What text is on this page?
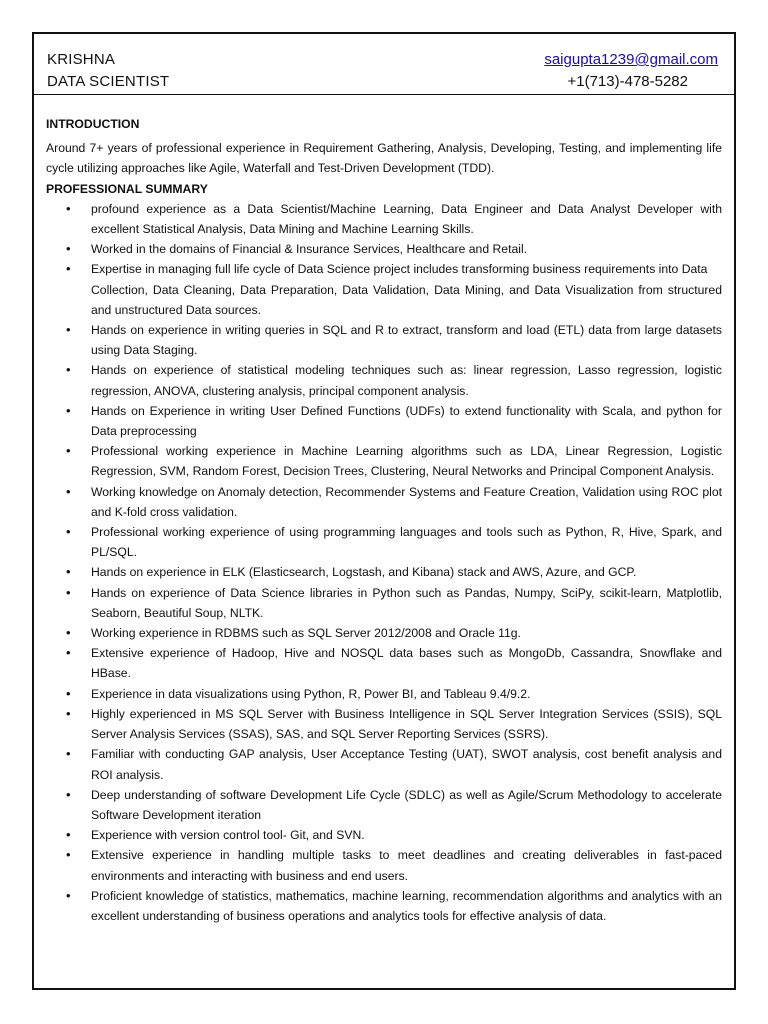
KRISHNA
DATA SCIENTIST
saigupta1239@gmail.com
+1(713)-478-5282
INTRODUCTION

Around 7+ years of professional experience in Requirement Gathering, Analysis, Developing, Testing, and implementing life cycle utilizing approaches like Agile, Waterfall and Test-Driven Development (TDD).

PROFESSIONAL SUMMARY
• profound experience as a Data Scientist/Machine Learning, Data Engineer and Data Analyst Developer with excellent Statistical Analysis, Data Mining and Machine Learning Skills.
• Worked in the domains of Financial & Insurance Services, Healthcare and Retail.
• Expertise in managing full life cycle of Data Science project includes transforming business requirements into Data
Collection, Data Cleaning, Data Preparation, Data Validation, Data Mining, and Data Visualization from structured and unstructured Data sources.
• Hands on experience in writing queries in SQL and R to extract, transform and load (ETL) data from large datasets using Data Staging.
• Hands on experience of statistical modeling techniques such as: linear regression, Lasso regression, logistic regression, ANOVA, clustering analysis, principal component analysis.
• Hands on Experience in writing User Defined Functions (UDFs) to extend functionality with Scala, and python for Data preprocessing
• Professional working experience in Machine Learning algorithms such as LDA, Linear Regression, Logistic Regression, SVM, Random Forest, Decision Trees, Clustering, Neural Networks and Principal Component Analysis.
• Working knowledge on Anomaly detection, Recommender Systems and Feature Creation, Validation using ROC plot and K-fold cross validation.
• Professional working experience of using programming languages and tools such as Python, R, Hive, Spark, and PL/SQL.
• Hands on experience in ELK (Elasticsearch, Logstash, and Kibana) stack and AWS, Azure, and GCP.
• Hands on experience of Data Science libraries in Python such as Pandas, Numpy, SciPy, scikit-learn, Matplotlib, Seaborn, Beautiful Soup, NLTK.
• Working experience in RDBMS such as SQL Server 2012/2008 and Oracle 11g.
• Extensive experience of Hadoop, Hive and NOSQL data bases such as MongoDb, Cassandra, Snowflake and HBase.
• Experience in data visualizations using Python, R, Power BI, and Tableau 9.4/9.2.
• Highly experienced in MS SQL Server with Business Intelligence in SQL Server Integration Services (SSIS), SQL Server Analysis Services (SSAS), SAS, and SQL Server Reporting Services (SSRS).
• Familiar with conducting GAP analysis, User Acceptance Testing (UAT), SWOT analysis, cost benefit analysis and ROI analysis.
• Deep understanding of software Development Life Cycle (SDLC) as well as Agile/Scrum Methodology to accelerate Software Development iteration
• Experience with version control tool- Git, and SVN.
• Extensive experience in handling multiple tasks to meet deadlines and creating deliverables in fast-paced environments and interacting with business and end users.
• Proficient knowledge of statistics, mathematics, machine learning, recommendation algorithms and analytics with an excellent understanding of business operations and analytics tools for effective analysis of data.
